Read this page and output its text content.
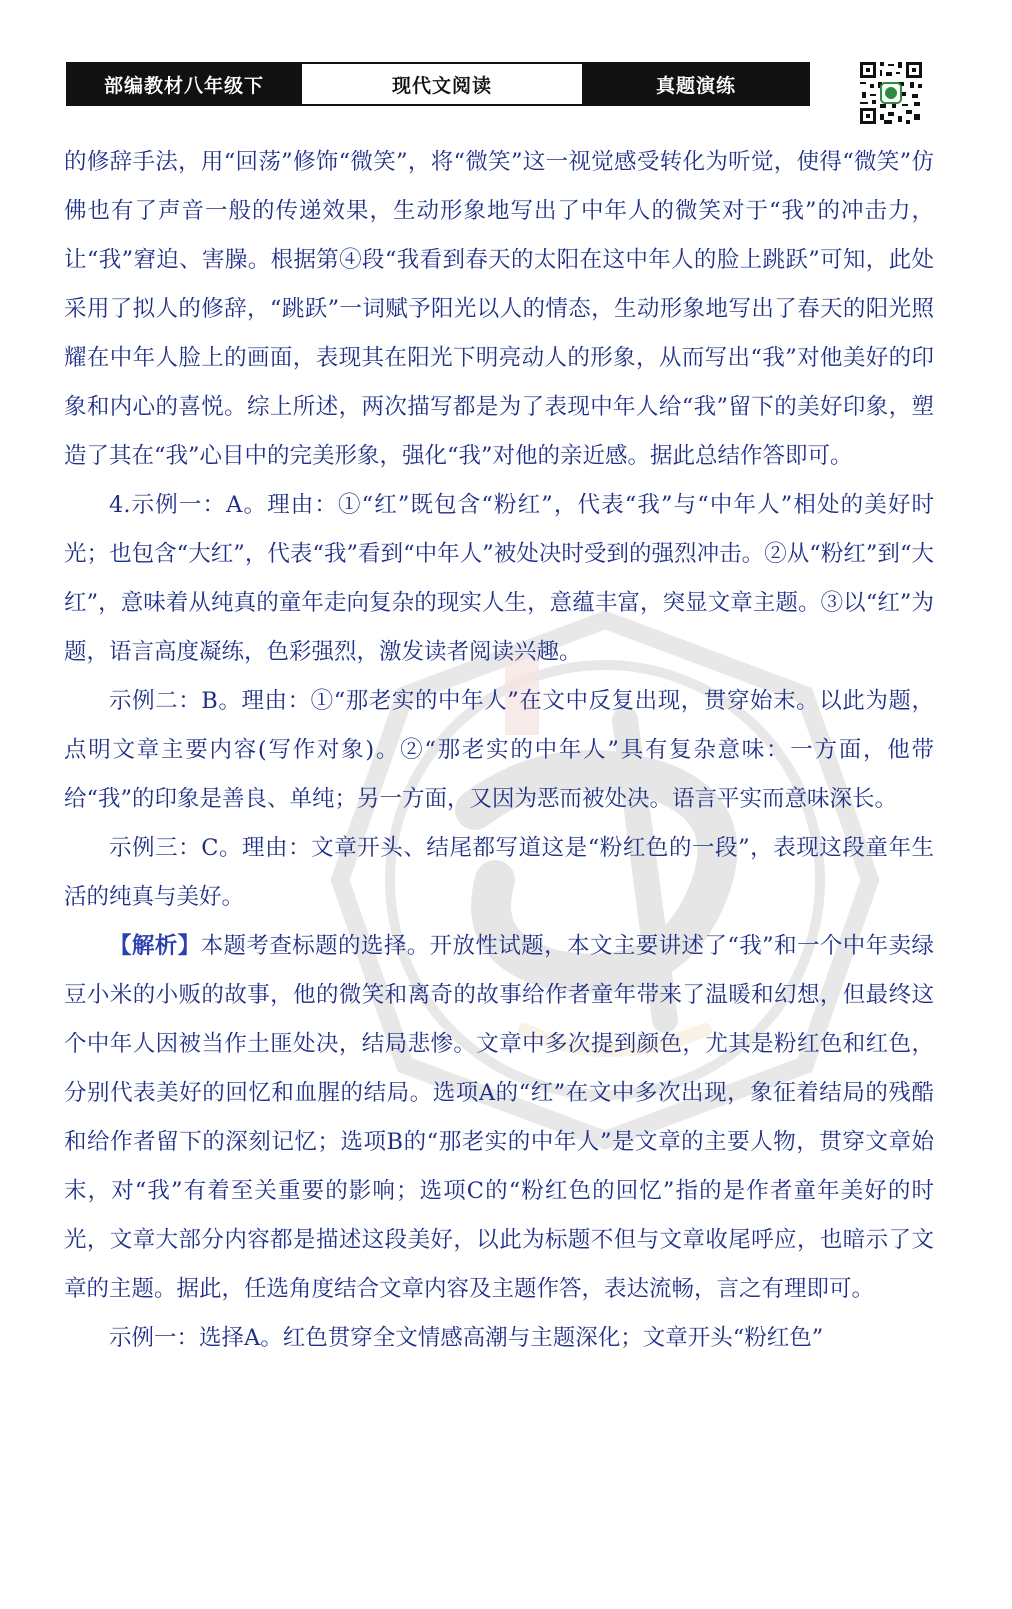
部编教材八年级下	现代文阅读	真题演练

的修辞手法，用“回荡”修饰“微笑”，将“微笑”这一视觉感受转化为听觉，使得“微笑”仿佛也有了声音一般的传递效果，生动形象地写出了中年人的微笑对于“我”的冲击力，让“我”窘迫、害臊。根据第④段“我看到春天的太阳在这中年人的脸上跳跃”可知，此处采用了拟人的修辞，“跳跃”一词赋予阳光以人的情态，生动形象地写出了春天的阳光照耀在中年人脸上的画面，表现其在阳光下明亮动人的形象，从而写出“我”对他美好的印象和内心的喜悦。综上所述，两次描写都是为了表现中年人给“我”留下的美好印象，塑造了其在“我”心目中的完美形象，强化“我”对他的亲近感。据此总结作答即可。

4.示例一：A。理由：①“红”既包含“粉红”，代表“我”与“中年人”相处的美好时光；也包含“大红”，代表“我”看到“中年人”被处决时受到的强烈冲击。②从“粉红”到“大红”，意味着从纯真的童年走向复杂的现实人生，意蕴丰富，突显文章主题。③以“红”为题，语言高度凝练，色彩强烈，激发读者阅读兴趣。

示例二：B。理由：①“那老实的中年人”在文中反复出现，贯穿始末。以此为题，点明文章主要内容(写作对象)。②“那老实的中年人”具有复杂意味：一方面，他带给“我”的印象是善良、单纯；另一方面，又因为恶而被处决。语言平实而意味深长。

示例三：C。理由：文章开头、结尾都写道这是“粉红色的一段”，表现这段童年生活的纯真与美好。

【解析】本题考查标题的选择。开放性试题，本文主要讲述了“我”和一个中年卖绿豆小米的小贩的故事，他的微笑和离奇的故事给作者童年带来了温暖和幻想，但最终这个中年人因被当作土匪处决，结局悲惨。文章中多次提到颜色，尤其是粉红色和红色，分别代表美好的回忆和血腥的结局。选项A的“红”在文中多次出现，象征着结局的残酷和给作者留下的深刻记忆；选项B的“那老实的中年人”是文章的主要人物，贯穿文章始末，对“我”有着至关重要的影响；选项C的“粉红色的回忆”指的是作者童年美好的时光，文章大部分内容都是描述这段美好，以此为标题不但与文章收尾呼应，也暗示了文章的主题。据此，任选角度结合文章内容及主题作答，表达流畅，言之有理即可。

示例一：选择A。红色贯穿全文情感高潮与主题深化；文章开头“粉红色”
